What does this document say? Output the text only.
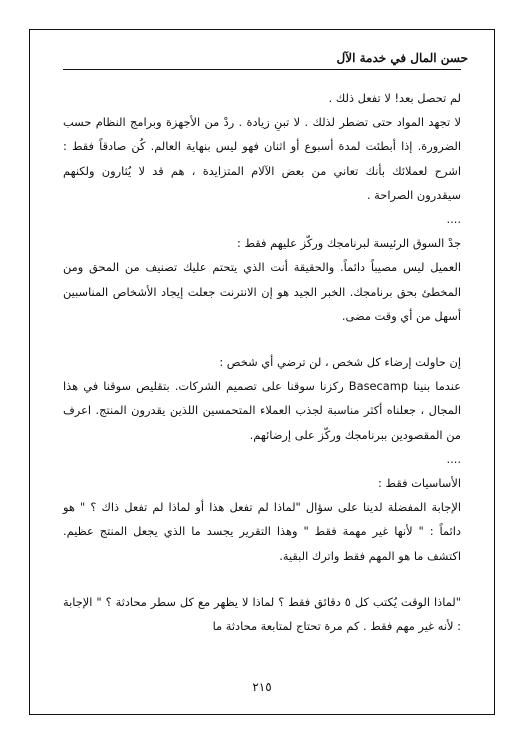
حسن المال في خدمة الآل

لم تحصل بعد! لا تفعل ذلك .

لا تجهد المواد حتى تضطر لذلك . لا تبنِ زيادة . ردْ من الأجهزة وبرامج النظام حسب الضرورة. إذا أبطئت لمدة أسبوع أو اثنان فهو ليس بنهاية العالم. كُن صادقاً فقط : اشرح لعملائك بأنك تعاني من بعض الآلام المتزايدة ، هم قد لا يُثارون ولكنهم سيقدرون الصراحة .

....

جدْ السوق الرئيسة لبرنامجك وركّز عليهم فقط :

العميل ليس مصيباً دائماً. والحقيقة أنت الذي يتحتم عليك تصنيف من المحق ومن المخطئ بحق برنامجك. الخبر الجيد هو إن الانترنت جعلت إيجاد الأشخاص المناسبين أسهل من أي وقت مضى.

إن حاولت إرضاء كل شخص ، لن ترضي أي شخص :

عندما بنينا Basecamp ركزنا سوقنا على تصميم الشركات. بتقليص سوقنا في هذا المجال ، جعلناه أكثر مناسبة لجذب العملاء المتحمسين اللذين يقدرون المنتج. اعرف من المقصودين ببرنامجك وركّز على إرضائهم.

....

الأساسيات فقط :

الإجابة المفضلة لدينا على سؤال "لماذا لم تفعل هذا أو لماذا لم تفعل ذاك ؟ " هو دائماً : " لأنها غير مهمة فقط " وهذا التقرير يجسد ما الذي يجعل المنتج عظيم. اكتشف ما هو المهم فقط واترك البقية.

"لماذا الوقت يُكتب كل ٥ دقائق فقط ؟ لماذا لا يظهر مع كل سطر محادثة ؟ " الإجابة : لأنه غير مهم فقط . كم مرة تحتاج لمتابعة محادثة ما

٢١٥
